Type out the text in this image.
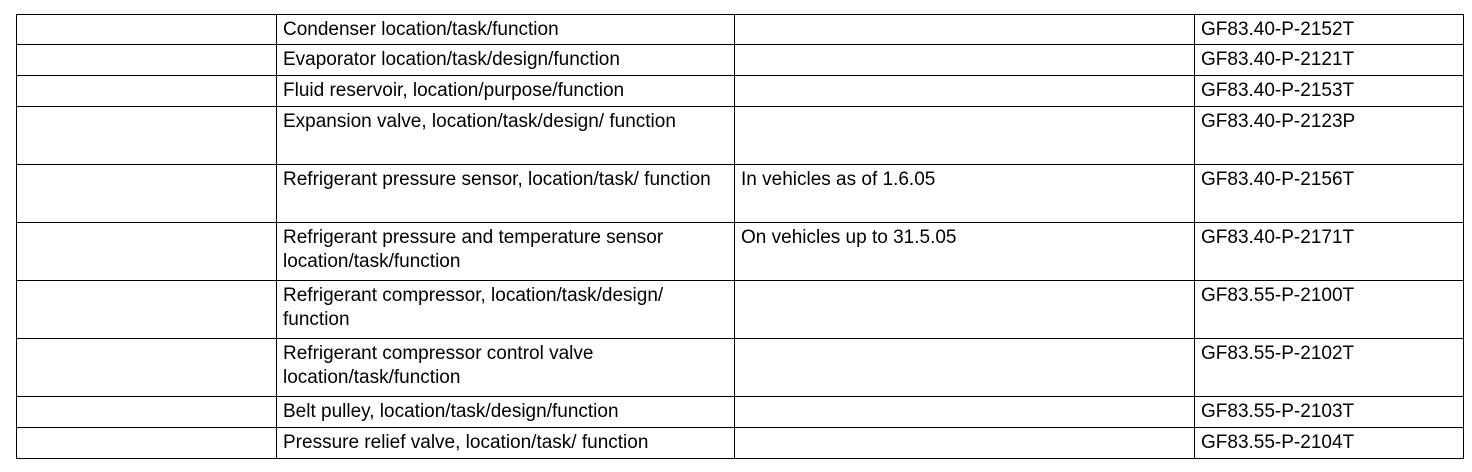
	Condenser location/task/function		GF83.40-P-2152T
	Evaporator location/task/design/function		GF83.40-P-2121T
	Fluid reservoir, location/purpose/function		GF83.40-P-2153T
	Expansion valve, location/task/design/ function		GF83.40-P-2123P
	Refrigerant pressure sensor, location/task/ function	In vehicles as of 1.6.05	GF83.40-P-2156T
	Refrigerant pressure and temperature sensor location/task/function	On vehicles up to 31.5.05	GF83.40-P-2171T
	Refrigerant compressor, location/task/design/ function		GF83.55-P-2100T
	Refrigerant compressor control valve location/task/function		GF83.55-P-2102T
	Belt pulley, location/task/design/function		GF83.55-P-2103T
	Pressure relief valve, location/task/ function		GF83.55-P-2104T
